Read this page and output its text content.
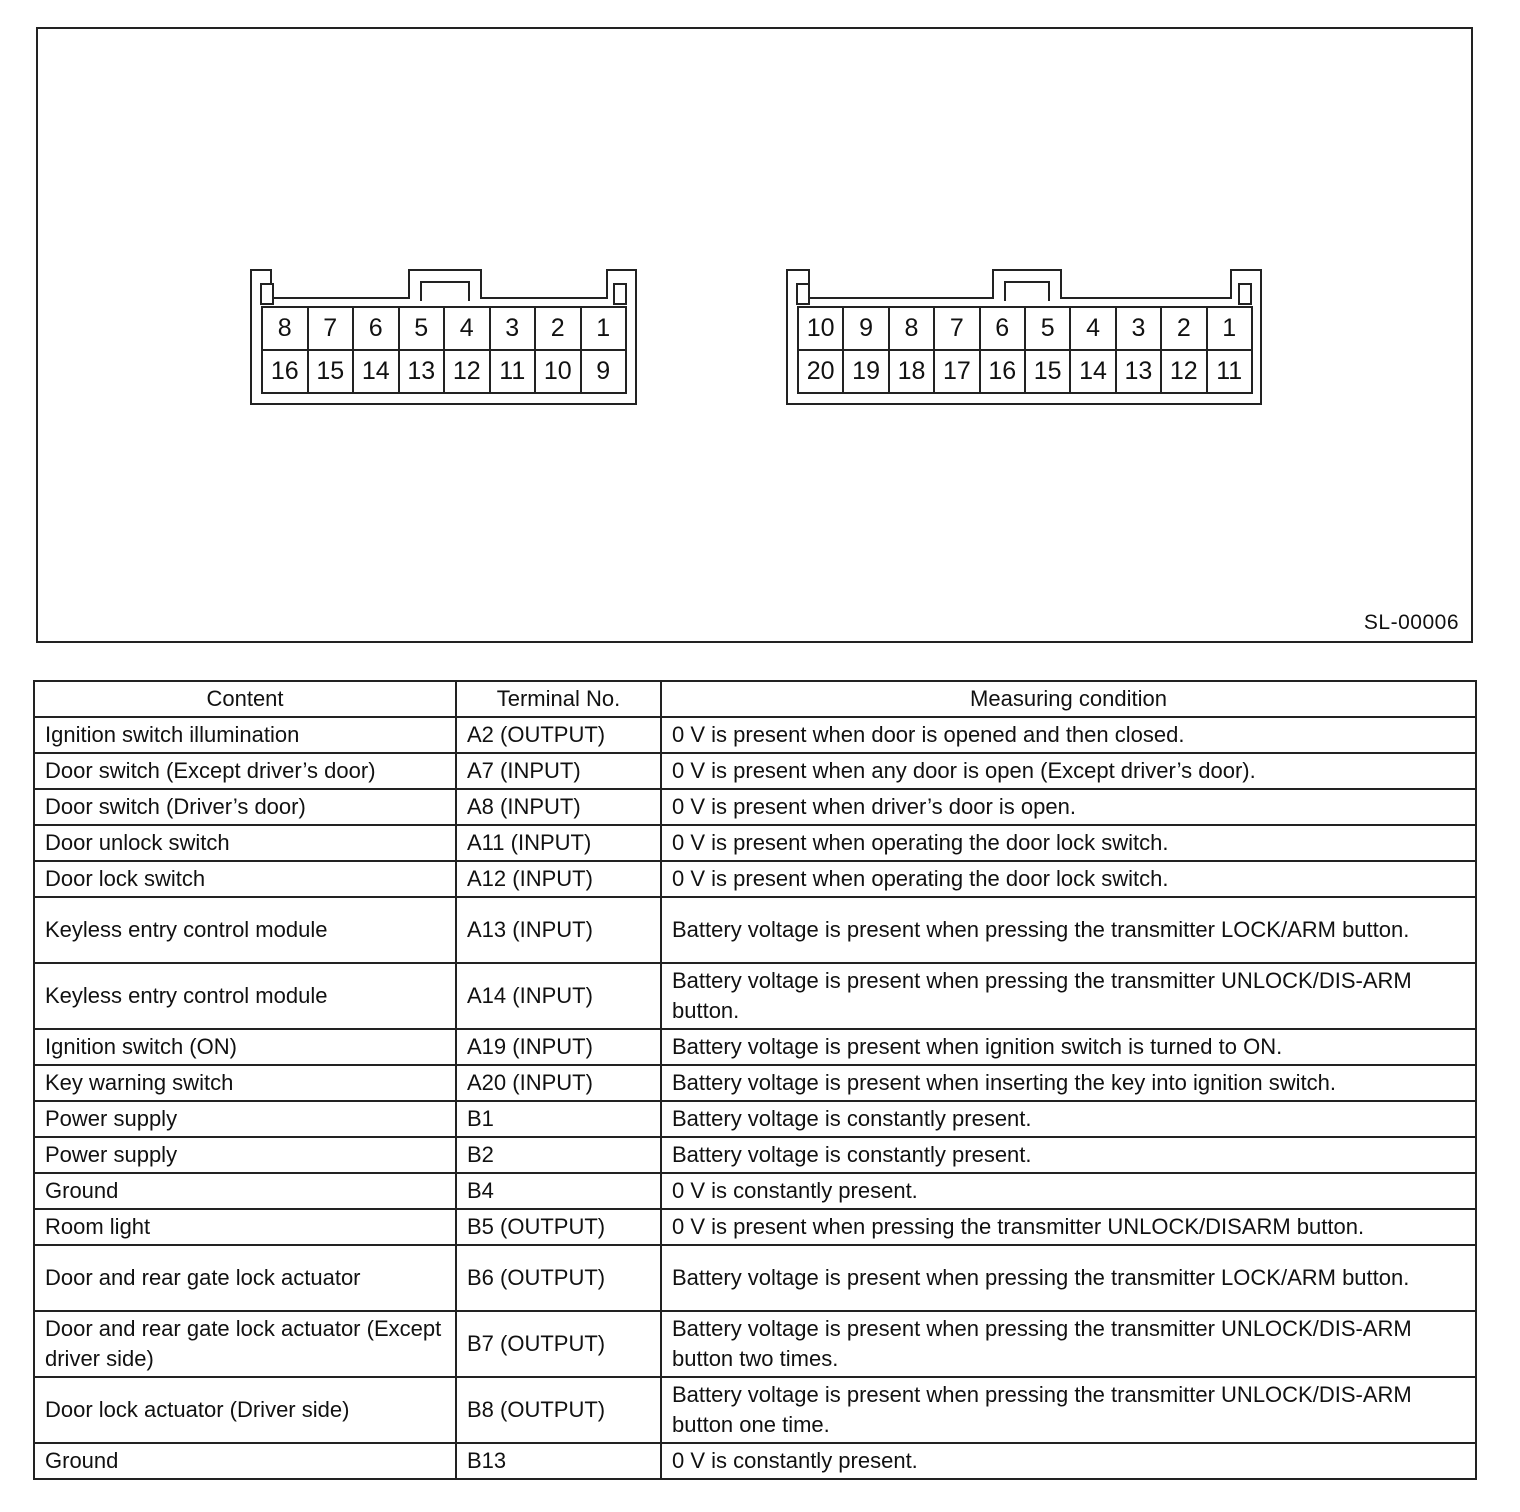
8	7	6	5	4	3	2	1
16 15 14 13 12 11 10 9
10 9	8	7	6	5	4	3	2	1
20 19 18 17 16 15 14 13 12 11
SL-00006
Content	Terminal No.	Measuring condition
Ignition switch illumination	A2 (OUTPUT)	0 V is present when door is opened and then closed.
Door switch (Except driver’s door)	A7 (INPUT)	0 V is present when any door is open (Except driver’s door).
Door switch (Driver’s door)	A8 (INPUT)	0 V is present when driver’s door is open.
Door unlock switch	A11 (INPUT)	0 V is present when operating the door lock switch.
Door lock switch	A12 (INPUT)	0 V is present when operating the door lock switch.
Keyless entry control module	A13 (INPUT)	Battery voltage is present when pressing the transmitter LOCK/ARM button.
Keyless entry control module	A14 (INPUT)	Battery voltage is present when pressing the transmitter UNLOCK/DIS-ARM button.
Ignition switch (ON)	A19 (INPUT)	Battery voltage is present when ignition switch is turned to ON.
Key warning switch	A20 (INPUT)	Battery voltage is present when inserting the key into ignition switch.
Power supply	B1	Battery voltage is constantly present.
Power supply	B2	Battery voltage is constantly present.
Ground	B4	0 V is constantly present.
Room light	B5 (OUTPUT)	0 V is present when pressing the transmitter UNLOCK/DISARM button.
Door and rear gate lock actuator	B6 (OUTPUT)	Battery voltage is present when pressing the transmitter LOCK/ARM button.
Door and rear gate lock actuator (Except driver side)	B7 (OUTPUT)	Battery voltage is present when pressing the transmitter UNLOCK/DIS-ARM button two times.
Door lock actuator (Driver side)	B8 (OUTPUT)	Battery voltage is present when pressing the transmitter UNLOCK/DIS-ARM button one time.
Ground	B13	0 V is constantly present.
